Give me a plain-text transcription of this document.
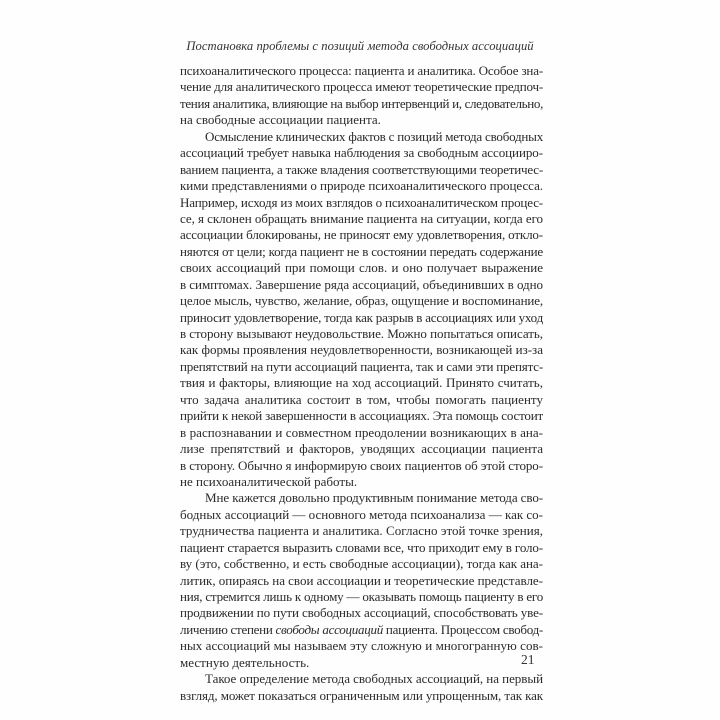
Постановка проблемы с позиций метода свободных ассоциаций
психоаналитического процесса: пациента и аналитика. Особое зна-
чение для аналитического процесса имеют теоретические предпоч-
тения аналитика, влияющие на выбор интервенций и, следовательно,
на свободные ассоциации пациента.
Осмысление клинических фактов с позиций метода свободных
ассоциаций требует навыка наблюдения за свободным ассоцииро-
ванием пациента, а также владения соответствующими теоретичес-
кими представлениями о природе психоаналитического процесса.
Например, исходя из моих взглядов о психоаналитическом процес-
се, я склонен обращать внимание пациента на ситуации, когда его
ассоциации блокированы, не приносят ему удовлетворения, откло-
няются от цели; когда пациент не в состоянии передать содержание
своих ассоциаций при помощи слов. и оно получает выражение
в симптомах. Завершение ряда ассоциаций, объединивших в одно
целое мысль, чувство, желание, образ, ощущение и воспоминание,
приносит удовлетворение, тогда как разрыв в ассоциациях или уход
в сторону вызывают неудовольствие. Можно попытаться описать,
как формы проявления неудовлетворенности, возникающей из-за
препятствий на пути ассоциаций пациента, так и сами эти препятс-
твия и факторы, влияющие на ход ассоциаций. Принято считать,
что задача аналитика состоит в том, чтобы помогать пациенту
прийти к некой завершенности в ассоциациях. Эта помощь состоит
в распознавании и совместном преодолении возникающих в ана-
лизе препятствий и факторов, уводящих ассоциации пациента
в сторону. Обычно я информирую своих пациентов об этой сторо-
не психоаналитической работы.
Мне кажется довольно продуктивным понимание метода сво-
бодных ассоциаций — основного метода психоанализа — как со-
трудничества пациента и аналитика. Согласно этой точке зрения,
пациент старается выразить словами все, что приходит ему в голо-
ву (это, собственно, и есть свободные ассоциации), тогда как ана-
литик, опираясь на свои ассоциации и теоретические представле-
ния, стремится лишь к одному — оказывать помощь пациенту в его
продвижении по пути свободных ассоциаций, способствовать уве-
личению степени свободы ассоциаций пациента. Процессом свобод-
ных ассоциаций мы называем эту сложную и многогранную сов-
местную деятельность.
Такое определение метода свободных ассоциаций, на первый
взгляд, может показаться ограниченным или упрощенным, так как
21
